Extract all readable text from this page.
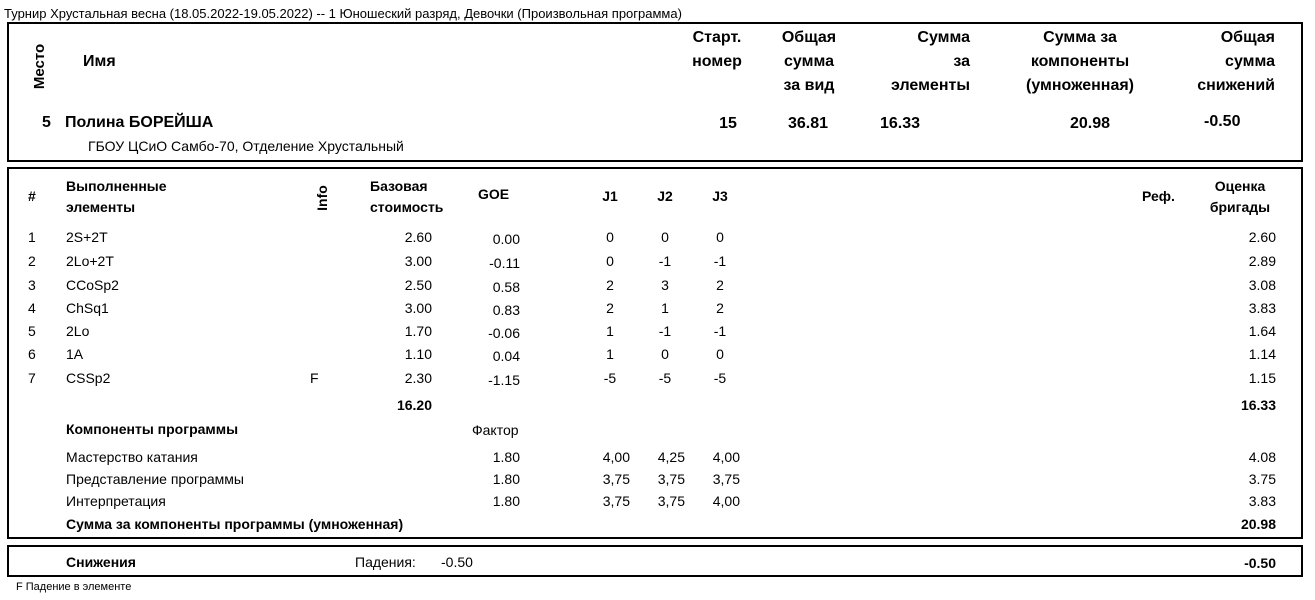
Турнир Хрустальная весна (18.05.2022-19.05.2022) -- 1 Юношеский разряд, Девочки (Произвольная программа)
Место Имя
Старт.
номер
Общая
сумма
за вид
Сумма
за
элементы
Сумма за
компоненты
(умноженная)
Общая
сумма
снижений
5 Полина БОРЕЙША
ГБОУ ЦСиО Самбо-70, Отделение Хрустальный
15	36.81	16.33	20.98	-0.50
#
Выполненные
элементы	Info	Базовая
стоимость
GOE	J1	J2	J3	Реф.
Оценка
бригады
1	2S+2T	2.60	0.00	0	0	0	2.60
2	2Lo+2T	3.00	-0.11	0	-1	-1	2.89
3	CCoSp2	2.50	0.58	2	3	2	3.08
4	ChSq1	3.00	0.83	2	1	2	3.83
5	2Lo	1.70	-0.06	1	-1	-1	1.64
6	1A	1.10	0.04	1	0	0	1.14
7	CSSp2	F	2.30	-1.15	-5	-5	-5	1.15
16.20	16.33
Компоненты программы	Фактор
Мастерство катания	1.80	4,00	4,25	4,00	4.08
Представление программы	1.80	3,75	3,75	3,75	3.75
Интерпретация	1.80	3,75	3,75	4,00	3.83
Сумма за компоненты программы (умноженная)	20.98
Снижения	Падения: -0.50	-0.50
F Падение в элементе
